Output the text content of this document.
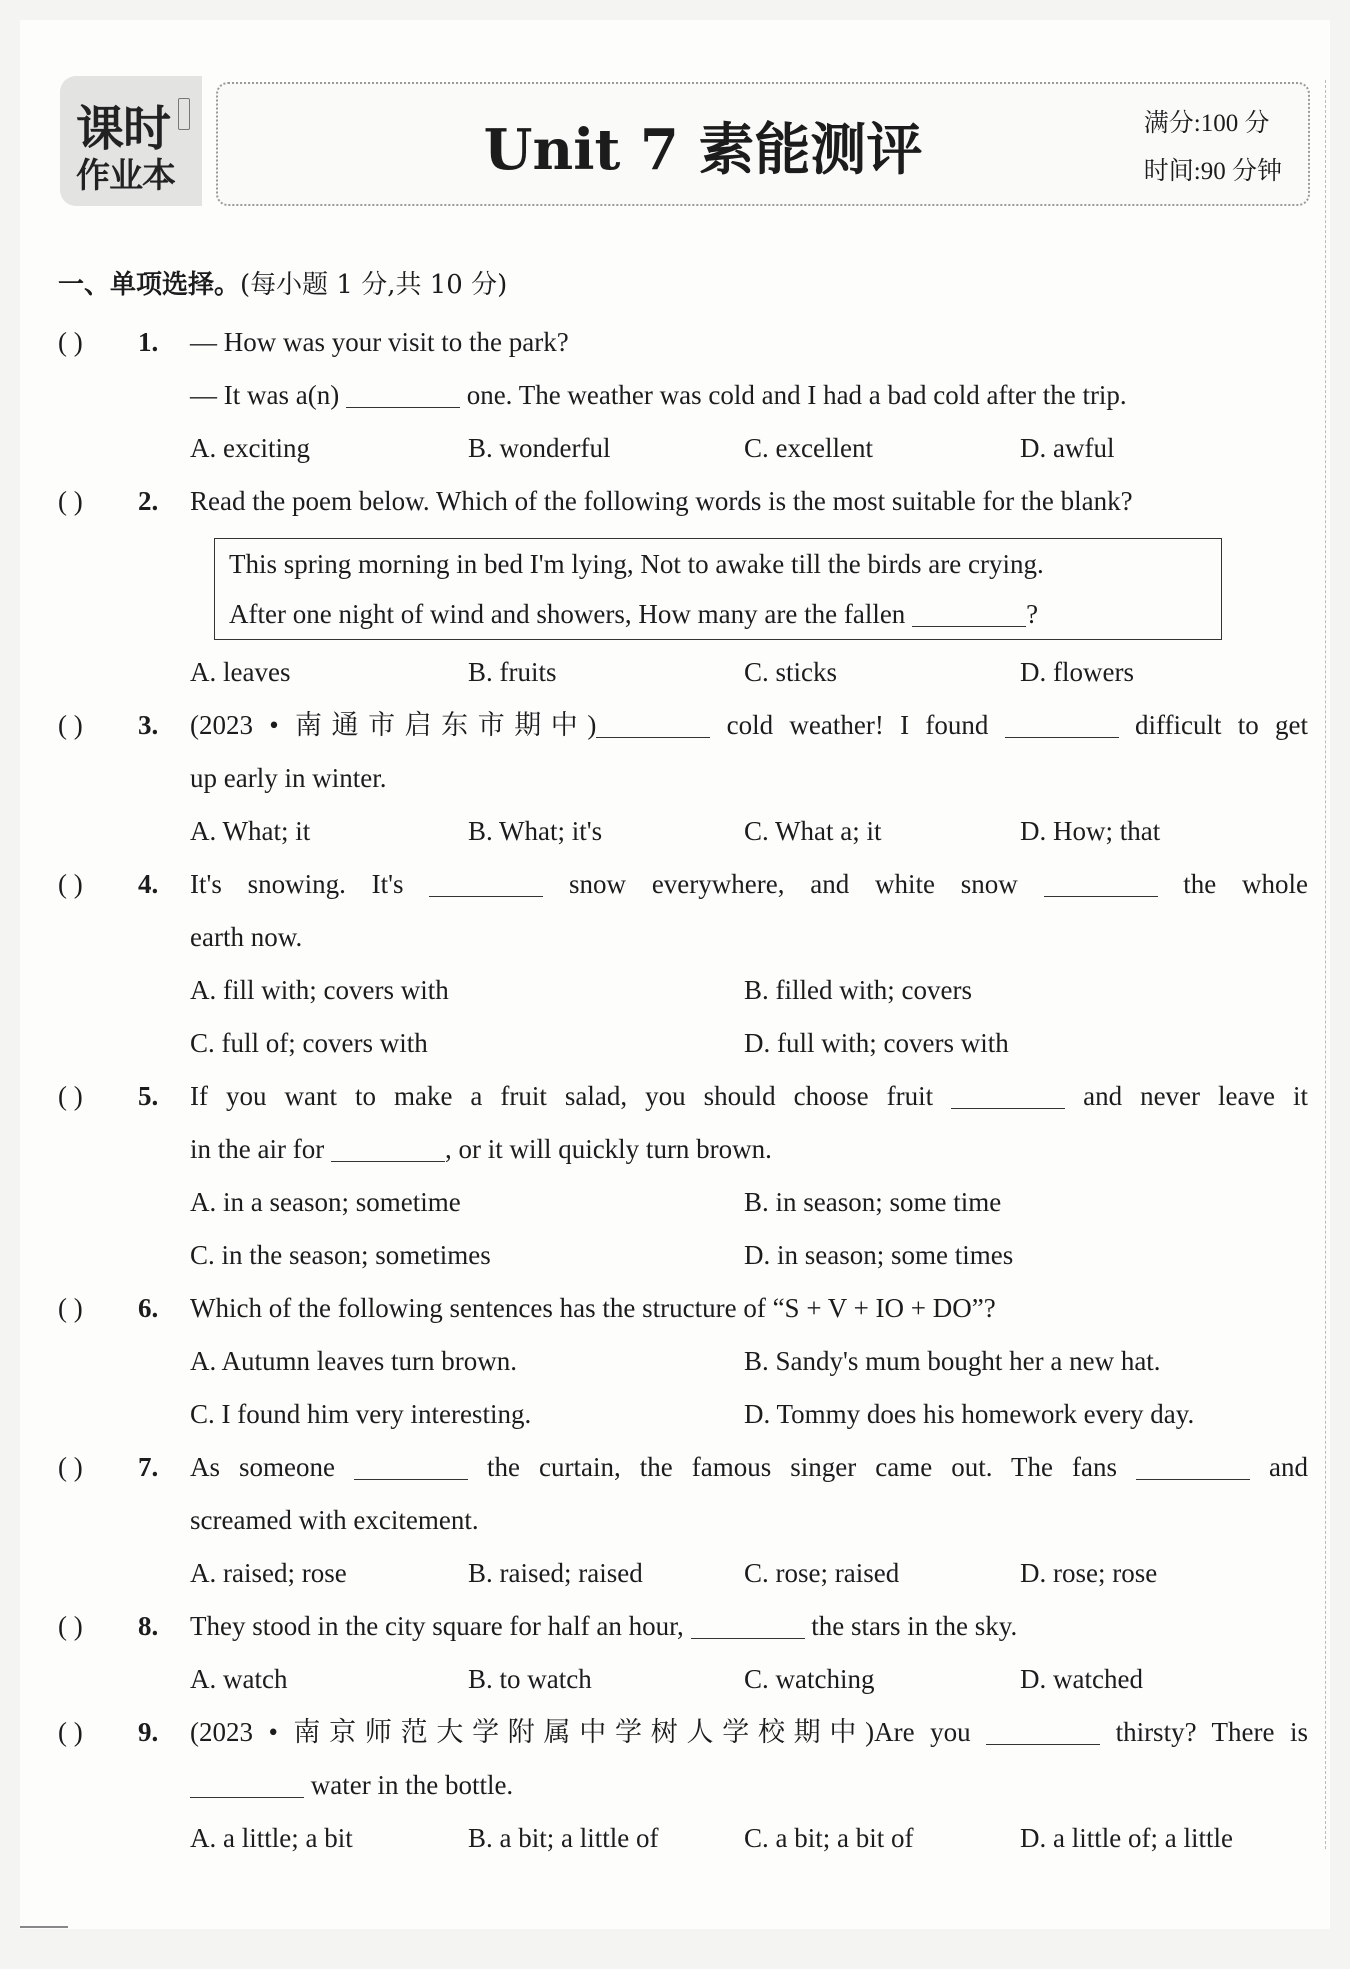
课时
作业本	Unit 7 素能测评	满分:100 分
时间:90 分钟
一、单项选择。(每小题 1 分,共 10 分)
( ) 1. — How was your visit to the park?
— It was a(n)	one. The weather was cold and I had a bad cold after the trip.
A. exciting	B. wonderful	C. excellent	D. awful
( ) 2. Read the poem below. Which of the following words is the most suitable for the blank?
This spring morning in bed I'm lying, Not to awake till the birds are crying.
After one night of wind and showers, How many are the fallen	?
A. leaves	B. fruits	C. sticks	D. flowers
( ) 3. (2023 • 南通市启东市期中)	cold weather! I found	difficult to get
up early in winter.
A. What; it	B. What; it's	C. What a; it	D. How; that
( ) 4. It's snowing. It's	snow everywhere, and white snow	the whole
earth now.
A. fill with; covers with	B. filled with; covers
C. full of; covers with	D. full with; covers with
( ) 5. If you want to make a fruit salad, you should choose fruit	and never leave it
in the air for	, or it will quickly turn brown.
A. in a season; sometime	B. in season; some time
C. in the season; sometimes	D. in season; some times
( ) 6. Which of the following sentences has the structure of “S + V + IO + DO”?
A. Autumn leaves turn brown.	B. Sandy's mum bought her a new hat.
C. I found him very interesting.	D. Tommy does his homework every day.
( ) 7. As someone	the curtain, the famous singer came out. The fans	and
screamed with excitement.
A. raised; rose	B. raised; raised	C. rose; raised	D. rose; rose
( ) 8. They stood in the city square for half an hour,	the stars in the sky.
A. watch	B. to watch	C. watching	D. watched
( ) 9. (2023 • 南京师范大学附属中学树人学校期中)Are you	thirsty? There is
water in the bottle.
A. a little; a bit	B. a bit; a little of	C. a bit; a bit of	D. a little of; a little
